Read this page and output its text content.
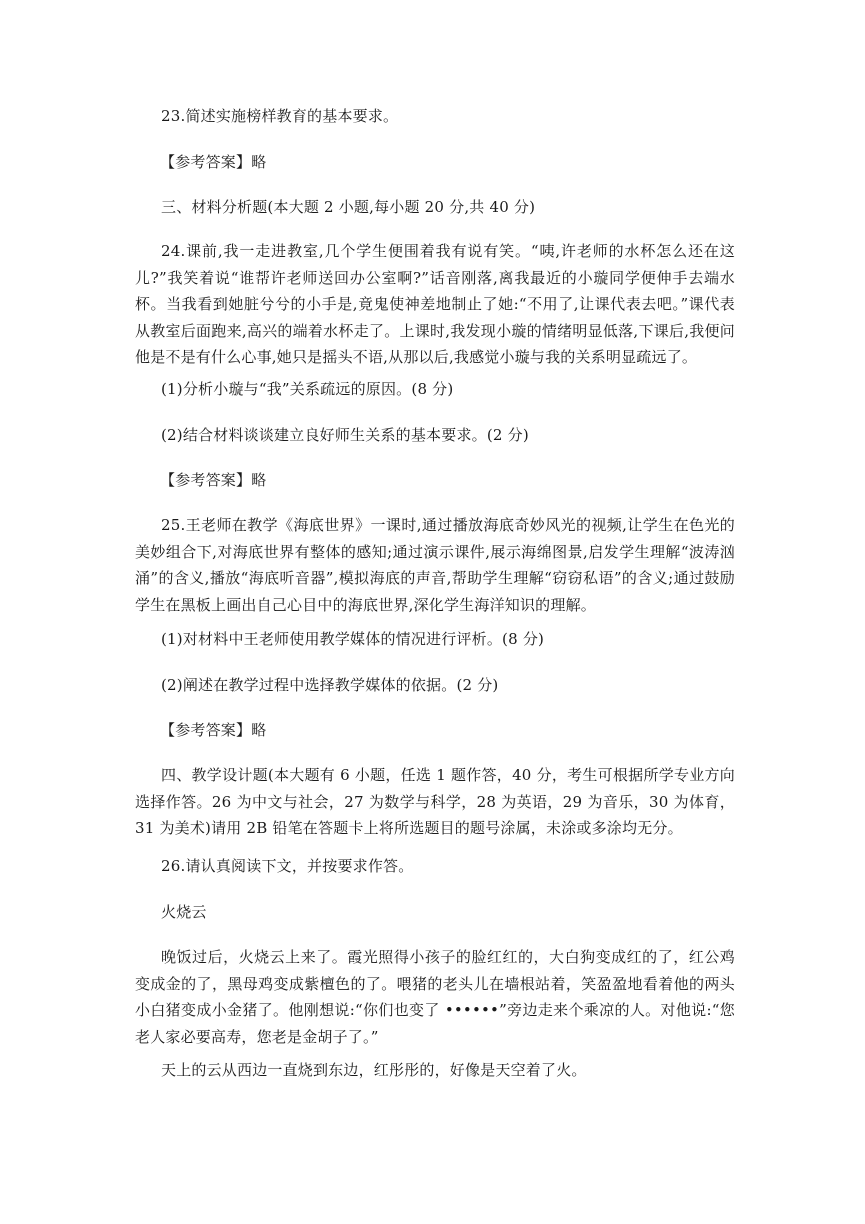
23.简述实施榜样教育的基本要求。

【参考答案】略

三、材料分析题(本大题 2 小题,每小题 20 分,共 40 分)

24.课前,我一走进教室,几个学生便围着我有说有笑。“咦,许老师的水杯怎么还在这儿?”我笑着说“谁帮许老师送回办公室啊?”话音刚落,离我最近的小璇同学便伸手去端水杯。当我看到她脏兮兮的小手是,竟鬼使神差地制止了她:“不用了,让课代表去吧。”课代表从教室后面跑来,高兴的端着水杯走了。上课时,我发现小璇的情绪明显低落,下课后,我便问他是不是有什么心事,她只是摇头不语,从那以后,我感觉小璇与我的关系明显疏远了。

(1)分析小璇与“我”关系疏远的原因。(8 分)

(2)结合材料谈谈建立良好师生关系的基本要求。(2 分)

【参考答案】略

25.王老师在教学《海底世界》一课时,通过播放海底奇妙风光的视频,让学生在色光的美妙组合下,对海底世界有整体的感知;通过演示课件,展示海绵图景,启发学生理解“波涛汹涌”的含义,播放“海底听音器”,模拟海底的声音,帮助学生理解“窃窃私语”的含义;通过鼓励学生在黑板上画出自己心目中的海底世界,深化学生海洋知识的理解。

(1)对材料中王老师使用教学媒体的情况进行评析。(8 分)

(2)阐述在教学过程中选择教学媒体的依据。(2 分)

【参考答案】略

四、教学设计题(本大题有 6 小题，任选 1 题作答，40 分，考生可根据所学专业方向选择作答。26 为中文与社会，27 为数学与科学，28 为英语，29 为音乐，30 为体育，31 为美术)请用 2B 铅笔在答题卡上将所选题目的题号涂属，未涂或多涂均无分。

26.请认真阅读下文，并按要求作答。

火烧云

晚饭过后，火烧云上来了。霞光照得小孩子的脸红红的，大白狗变成红的了，红公鸡变成金的了，黑母鸡变成紫檀色的了。喂猪的老头儿在墙根站着，笑盈盈地看着他的两头小白猪变成小金猪了。他刚想说:“你们也变了 ••••••”旁边走来个乘凉的人。对他说:“您老人家必要高寿，您老是金胡子了。”

天上的云从西边一直烧到东边，红彤彤的，好像是天空着了火。
